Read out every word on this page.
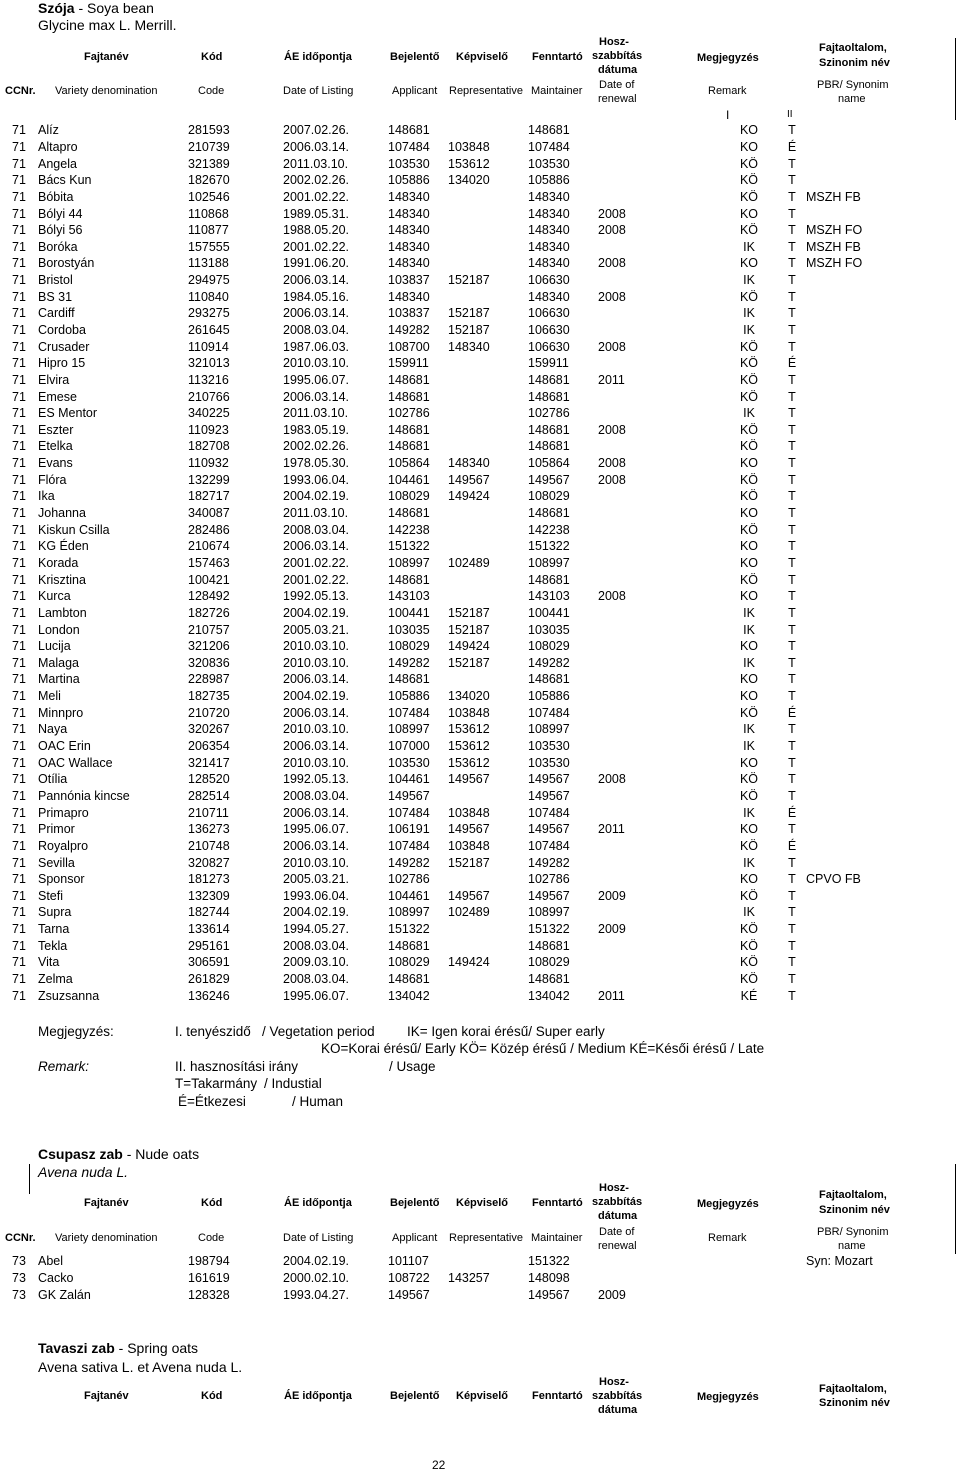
Szója - Soya bean
Glycine max L. Merrill.
Fajtanév	Kód	ÁE időpontja	Bejelentő Képviselő Fenntartó
Hosz-
szabbítás
dátuma
Megjegyzés
Fajtaoltalom,
Szinonim név
CCNr. Variety denomination	Code	Date of Listing	Applicant Representative Maintainer Date of
renewal
Remark	PBR/ Synonim
name
I	II
71	Alíz	281593	2007.02.26.	148681		148681		KO	T	
71	Altapro	210739	2006.03.14.	107484	103848	107484		KO	É	
71	Angela	321389	2011.03.10.	103530	153612	103530		KÖ	T	
71	Bács Kun	182670	2002.02.26.	105886	134020	105886		KÖ	T	
71	Bóbita	102546	2001.02.22.	148340		148340		KÖ	T	MSZH FB
71	Bólyi 44	110868	1989.05.31.	148340		148340	2008	KO	T	
71	Bólyi 56	110877	1988.05.20.	148340		148340	2008	KÖ	T	MSZH FO
71	Boróka	157555	2001.02.22.	148340		148340		IK	T	MSZH FB
71	Borostyán	113188	1991.06.20.	148340		148340	2008	KO	T	MSZH FO
71	Bristol	294975	2006.03.14.	103837	152187	106630		IK	T	
71	BS 31	110840	1984.05.16.	148340		148340	2008	KÖ	T	
71	Cardiff	293275	2006.03.14.	103837	152187	106630		IK	T	
71	Cordoba	261645	2008.03.04.	149282	152187	106630		IK	T	
71	Crusader	110914	1987.06.03.	108700	148340	106630	2008	KÖ	T	
71	Hipro 15	321013	2010.03.10.	159911		159911		KÖ	É	
71	Elvira	113216	1995.06.07.	148681		148681	2011	KÖ	T	
71	Emese	210766	2006.03.14.	148681		148681		KÖ	T	
71	ES Mentor	340225	2011.03.10.	102786		102786		IK	T	
71	Eszter	110923	1983.05.19.	148681		148681	2008	KÖ	T	
71	Etelka	182708	2002.02.26.	148681		148681		KÖ	T	
71	Evans	110932	1978.05.30.	105864	148340	105864	2008	KO	T	
71	Flóra	132299	1993.06.04.	104461	149567	149567	2008	KÖ	T	
71	Ika	182717	2004.02.19.	108029	149424	108029		KÖ	T	
71	Johanna	340087	2011.03.10.	148681		148681		KO	T	
71	Kiskun Csilla	282486	2008.03.04.	142238		142238		KÖ	T	
71	KG Éden	210674	2006.03.14.	151322		151322		KO	T	
71	Korada	157463	2001.02.22.	108997	102489	108997		KO	T	
71	Krisztina	100421	2001.02.22.	148681		148681		KÖ	T	
71	Kurca	128492	1992.05.13.	143103		143103	2008	KO	T	
71	Lambton	182726	2004.02.19.	100441	152187	100441		IK	T	
71	London	210757	2005.03.21.	103035	152187	103035		IK	T	
71	Lucija	321206	2010.03.10.	108029	149424	108029		KO	T	
71	Malaga	320836	2010.03.10.	149282	152187	149282		IK	T	
71	Martina	228987	2006.03.14.	148681		148681		KO	T	
71	Meli	182735	2004.02.19.	105886	134020	105886		KO	T	
71	Minnpro	210720	2006.03.14.	107484	103848	107484		KÖ	É	
71	Naya	320267	2010.03.10.	108997	153612	108997		IK	T	
71	OAC Erin	206354	2006.03.14.	107000	153612	103530		IK	T	
71	OAC Wallace	321417	2010.03.10.	103530	153612	103530		KO	T	
71	Otília	128520	1992.05.13.	104461	149567	149567	2008	KÖ	T	
71	Pannónia kincse	282514	2008.03.04.	149567		149567		KÖ	T	
71	Primapro	210711	2006.03.14.	107484	103848	107484		IK	É	
71	Primor	136273	1995.06.07.	106191	149567	149567	2011	KO	T	
71	Royalpro	210748	2006.03.14.	107484	103848	107484		KÖ	É	
71	Sevilla	320827	2010.03.10.	149282	152187	149282		IK	T	
71	Sponsor	181273	2005.03.21.	102786		102786		KO	T	CPVO FB
71	Stefi	132309	1993.06.04.	104461	149567	149567	2009	KÖ	T	
71	Supra	182744	2004.02.19.	108997	102489	108997		IK	T	
71	Tarna	133614	1994.05.27.	151322		151322	2009	KÖ	T	
71	Tekla	295161	2008.03.04.	148681		148681		KÖ	T	
71	Vita	306591	2009.03.10.	108029	149424	108029		KÖ	T	
71	Zelma	261829	2008.03.04.	148681		148681		KÖ	T	
71	Zsuzsanna	136246	1995.06.07.	134042		134042	2011	KÉ	T	
Megjegyzés:
Remark:
I. tenyészidő / Vegetation period IK= Igen korai érésű/ Super early
KO=Korai érésű/ Early KÖ= Közép érésű / Medium KÉ=Késői érésű / Late
II. hasznosítási irány	/ Usage
T=Takarmány / Industial
É=Étkezesi	/ Human
Csupasz zab - Nude oats
Avena nuda L.
Fajtanév	Kód	ÁE időpontja	Bejelentő Képviselő Fenntartó
Hosz-
szabbítás
dátuma
Megjegyzés
Fajtaoltalom,
Szinonim név
CCNr. Variety denomination	Code	Date of Listing	Applicant Representative Maintainer Date of
renewal
Remark	PBR/ Synonim
name
73	Abel	198794	2004.02.19.	101107		151322				Syn: Mozart
73	Cacko	161619	2000.02.10.	108722	143257	148098				
73	GK Zalán	128328	1993.04.27.	149567		149567	2009			
Tavaszi zab - Spring oats
Avena sativa L. et Avena nuda L.
Fajtanév	Kód	ÁE időpontja	Bejelentő Képviselő Fenntartó
Hosz-
szabbítás
dátuma
Megjegyzés
Fajtaoltalom,
Szinonim név
22
